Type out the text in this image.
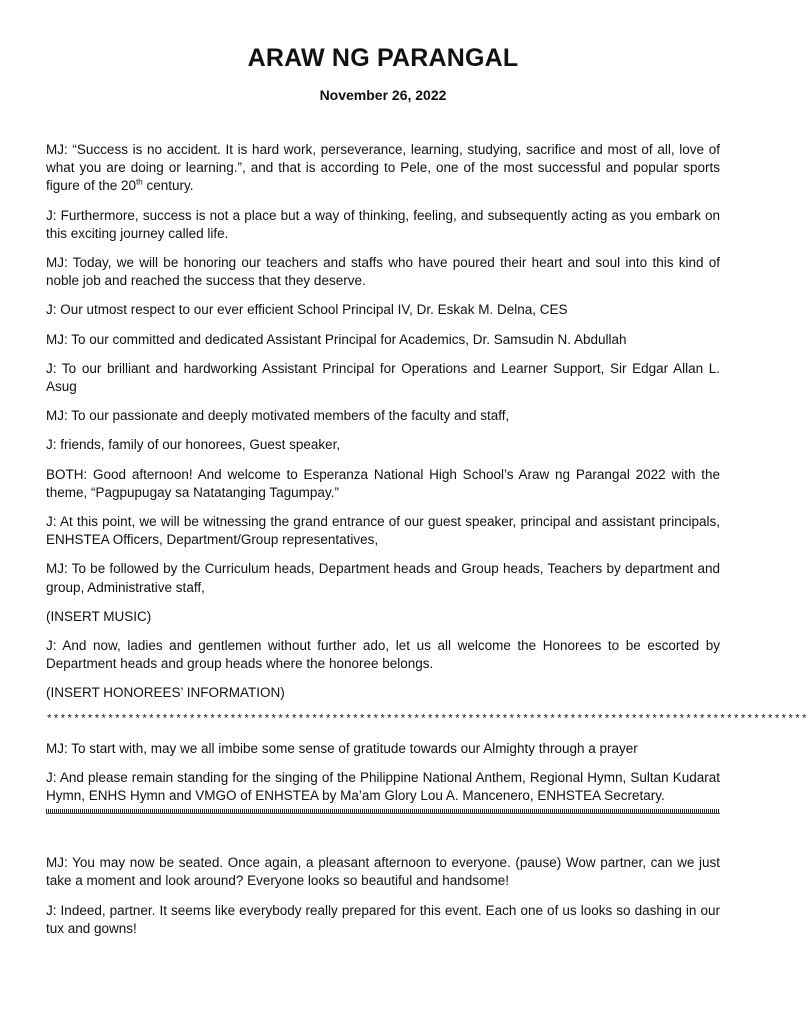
ARAW NG PARANGAL
November 26, 2022

MJ: “Success is no accident. It is hard work, perseverance, learning, studying, sacrifice and most of all, love of what you are doing or learning.”, and that is according to Pele, one of the most successful and popular sports figure of the 20th century.

J: Furthermore, success is not a place but a way of thinking, feeling, and subsequently acting as you embark on this exciting journey called life.

MJ: Today, we will be honoring our teachers and staffs who have poured their heart and soul into this kind of noble job and reached the success that they deserve.

J: Our utmost respect to our ever efficient School Principal IV, Dr. Eskak M. Delna, CES

MJ: To our committed and dedicated Assistant Principal for Academics, Dr. Samsudin N. Abdullah

J: To our brilliant and hardworking Assistant Principal for Operations and Learner Support, Sir Edgar Allan L. Asug

MJ: To our passionate and deeply motivated members of the faculty and staff,

J: friends, family of our honorees, Guest speaker,

BOTH: Good afternoon! And welcome to Esperanza National High School’s Araw ng Parangal 2022 with the theme, “Pagpupugay sa Natatanging Tagumpay.”

J: At this point, we will be witnessing the grand entrance of our guest speaker, principal and assistant principals, ENHSTEA Officers, Department/Group representatives,

MJ: To be followed by the Curriculum heads, Department heads and Group heads, Teachers by department and group, Administrative staff,

(INSERT MUSIC)

J: And now, ladies and gentlemen without further ado, let us all welcome the Honorees to be escorted by Department heads and group heads where the honoree belongs.

(INSERT HONOREES’ INFORMATION)

****************************************************************************************************************

MJ: To start with, may we all imbibe some sense of gratitude towards our Almighty through a prayer

J: And please remain standing for the singing of the Philippine National Anthem, Regional Hymn, Sultan Kudarat Hymn, ENHS Hymn and VMGO of ENHSTEA by Ma’am Glory Lou A. Mancenero, ENHSTEA Secretary.

MJ: You may now be seated. Once again, a pleasant afternoon to everyone. (pause) Wow partner, can we just take a moment and look around? Everyone looks so beautiful and handsome!

J: Indeed, partner. It seems like everybody really prepared for this event. Each one of us looks so dashing in our tux and gowns!
